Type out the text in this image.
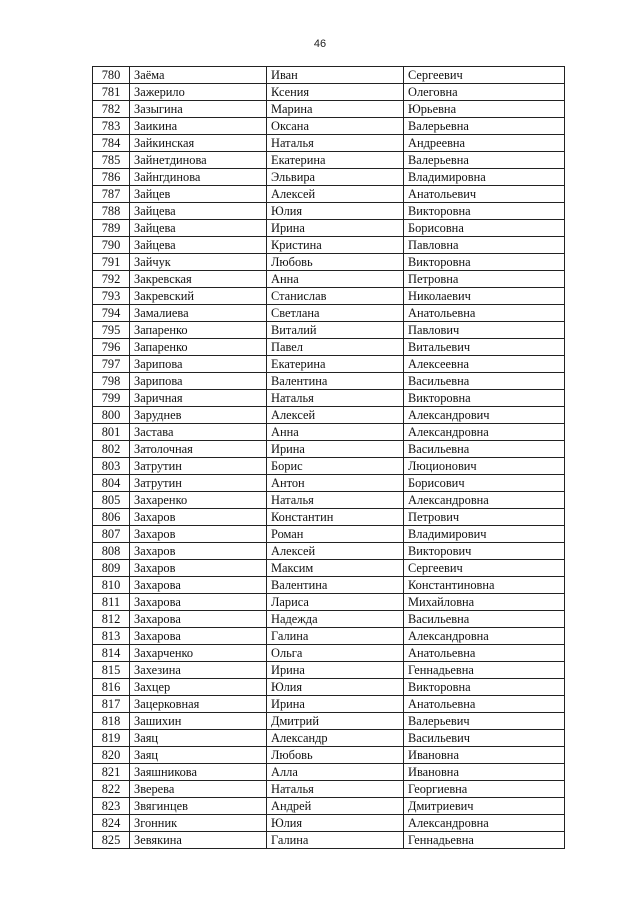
46
780	Заёма	Иван	Сергеевич
781	Зажерило	Ксения	Олеговна
782	Зазыгина	Марина	Юрьевна
783	Заикина	Оксана	Валерьевна
784	Зайкинская	Наталья	Андреевна
785	Зайнетдинова	Екатерина	Валерьевна
786	Зайнгдинова	Эльвира	Владимировна
787	Зайцев	Алексей	Анатольевич
788	Зайцева	Юлия	Викторовна
789	Зайцева	Ирина	Борисовна
790	Зайцева	Кристина	Павловна
791	Зайчук	Любовь	Викторовна
792	Закревская	Анна	Петровна
793	Закревский	Станислав	Николаевич
794	Замалиева	Светлана	Анатольевна
795	Запаренко	Виталий	Павлович
796	Запаренко	Павел	Витальевич
797	Зарипова	Екатерина	Алексеевна
798	Зарипова	Валентина	Васильевна
799	Заричная	Наталья	Викторовна
800	Заруднев	Алексей	Александрович
801	Застава	Анна	Александровна
802	Затолочная	Ирина	Васильевна
803	Затрутин	Борис	Люционович
804	Затрутин	Антон	Борисович
805	Захаренко	Наталья	Александровна
806	Захаров	Константин	Петрович
807	Захаров	Роман	Владимирович
808	Захаров	Алексей	Викторович
809	Захаров	Максим	Сергеевич
810	Захарова	Валентина	Константиновна
811	Захарова	Лариса	Михайловна
812	Захарова	Надежда	Васильевна
813	Захарова	Галина	Александровна
814	Захарченко	Ольга	Анатольевна
815	Захезина	Ирина	Геннадьевна
816	Захцер	Юлия	Викторовна
817	Зацерковная	Ирина	Анатольевна
818	Зашихин	Дмитрий	Валерьевич
819	Заяц	Александр	Васильевич
820	Заяц	Любовь	Ивановна
821	Заяшникова	Алла	Ивановна
822	Зверева	Наталья	Георгиевна
823	Звягинцев	Андрей	Дмитриевич
824	Згонник	Юлия	Александровна
825	Зевякина	Галина	Геннадьевна
